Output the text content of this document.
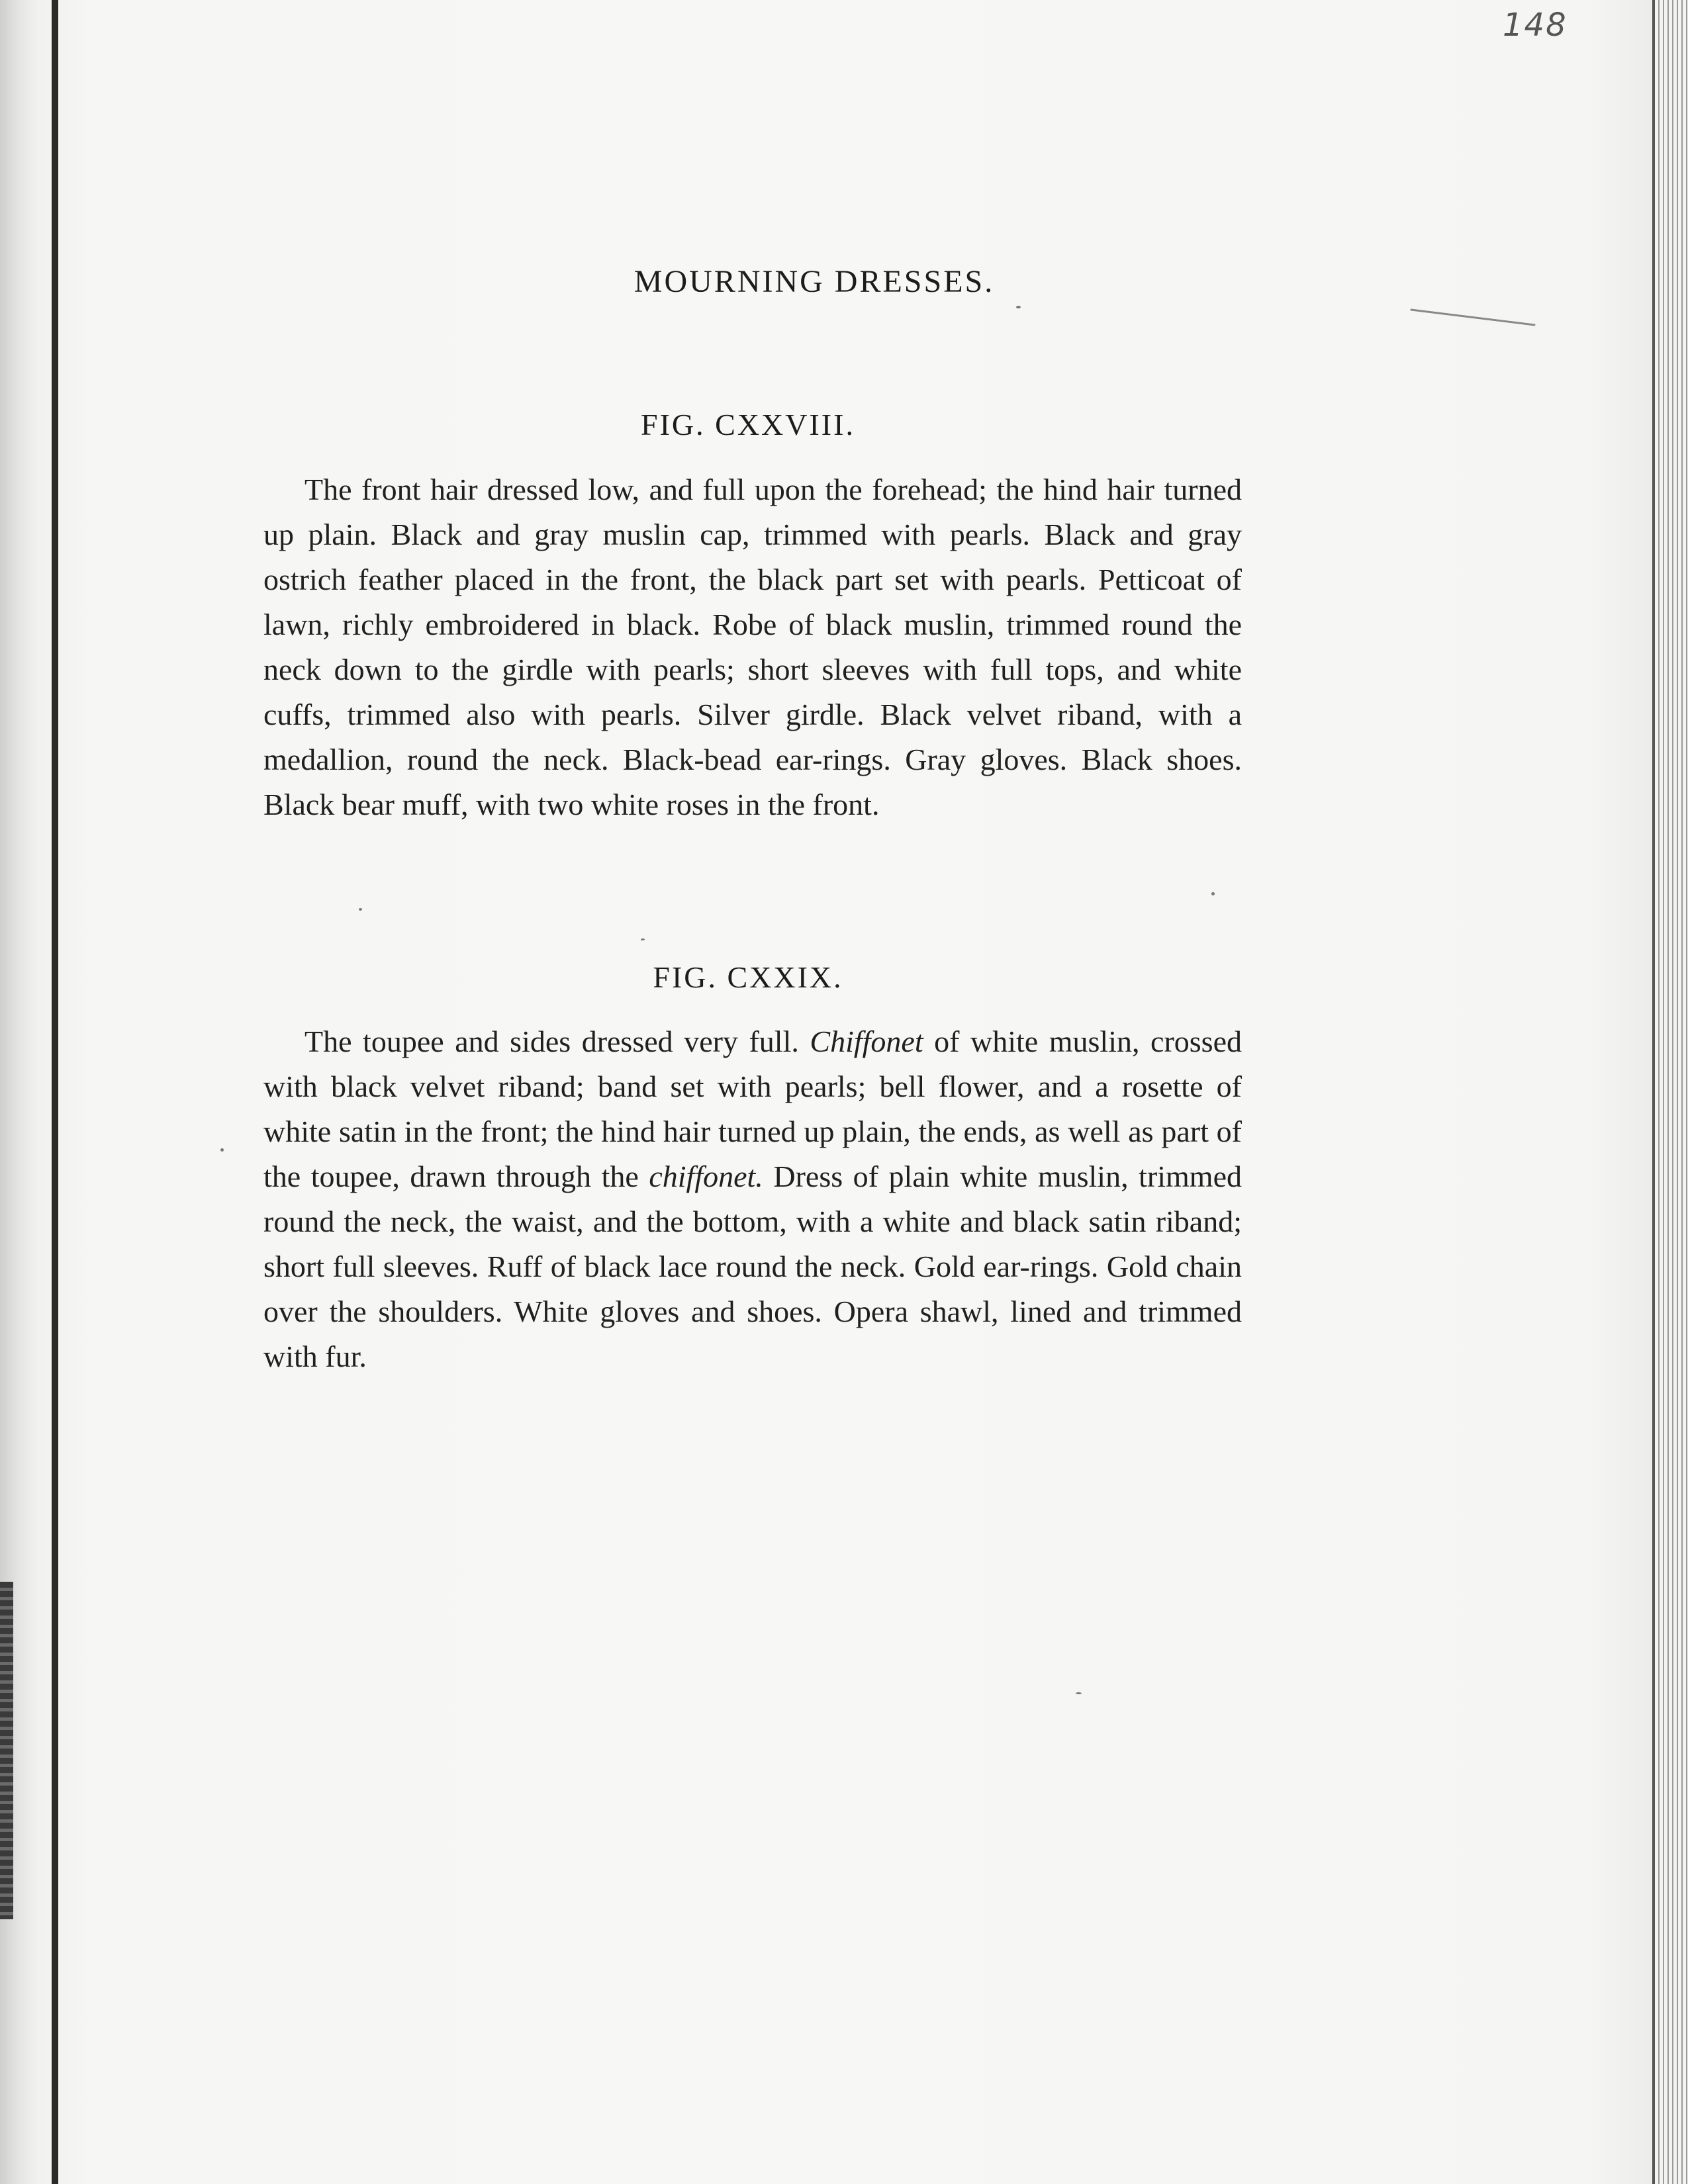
148
MOURNING DRESSES.
FIG. CXXVIII.
The front hair dressed low, and full upon the forehead; the hind hair turned up plain. Black and gray muslin cap, trimmed with pearls. Black and gray ostrich feather placed in the front, the black part set with pearls. Petticoat of lawn, richly embroidered in black. Robe of black muslin, trimmed round the neck down to the girdle with pearls; short sleeves with full tops, and white cuffs, trimmed also with pearls. Silver girdle. Black velvet riband, with a medallion, round the neck. Black-bead ear-rings. Gray gloves. Black shoes. Black bear muff, with two white roses in the front.
FIG. CXXIX.
The toupee and sides dressed very full. Chiffonet of white muslin, crossed with black velvet riband; band set with pearls; bell flower, and a rosette of white satin in the front; the hind hair turned up plain, the ends, as well as part of the toupee, drawn through the chiffonet. Dress of plain white muslin, trimmed round the neck, the waist, and the bottom, with a white and black satin riband; short full sleeves. Ruff of black lace round the neck. Gold ear-rings. Gold chain over the shoulders. White gloves and shoes. Opera shawl, lined and trimmed with fur.
